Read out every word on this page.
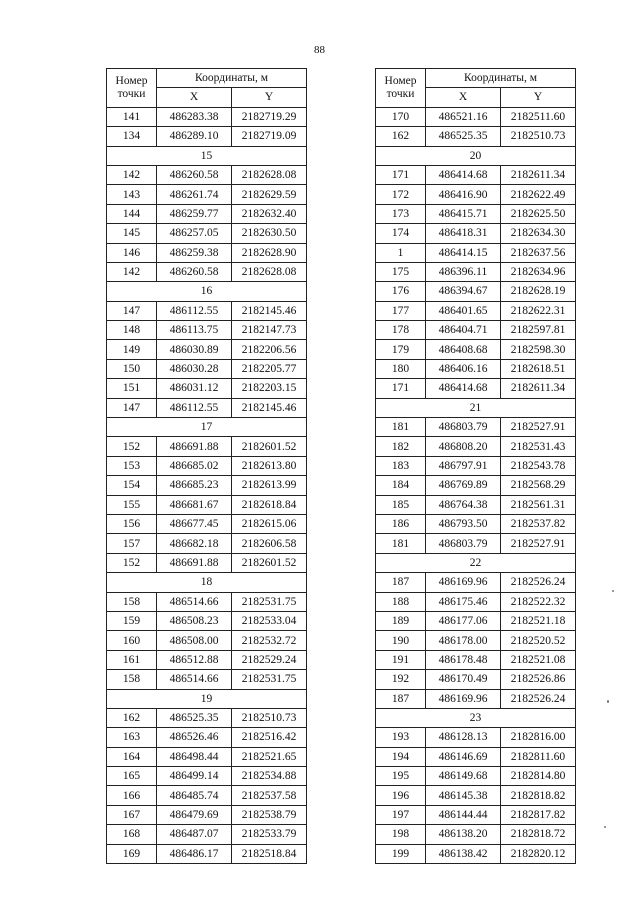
88
Номер
точки	Координаты, м	
	X	Y
141	486283.38	2182719.29
134	486289.10	2182719.09
15		
142	486260.58	2182628.08
143	486261.74	2182629.59
144	486259.77	2182632.40
145	486257.05	2182630.50
146	486259.38	2182628.90
142	486260.58	2182628.08
16		
147	486112.55	2182145.46
148	486113.75	2182147.73
149	486030.89	2182206.56
150	486030.28	2182205.77
151	486031.12	2182203.15
147	486112.55	2182145.46
17		
152	486691.88	2182601.52
153	486685.02	2182613.80
154	486685.23	2182613.99
155	486681.67	2182618.84
156	486677.45	2182615.06
157	486682.18	2182606.58
152	486691.88	2182601.52
18		
158	486514.66	2182531.75
159	486508.23	2182533.04
160	486508.00	2182532.72
161	486512.88	2182529.24
158	486514.66	2182531.75
19		
162	486525.35	2182510.73
163	486526.46	2182516.42
164	486498.44	2182521.65
165	486499.14	2182534.88
166	486485.74	2182537.58
167	486479.69	2182538.79
168	486487.07	2182533.79
169	486486.17	2182518.84
Номер
точки	Координаты, м	
	X	Y
170	486521.16	2182511.60
162	486525.35	2182510.73
20		
171	486414.68	2182611.34
172	486416.90	2182622.49
173	486415.71	2182625.50
174	486418.31	2182634.30
1	486414.15	2182637.56
175	486396.11	2182634.96
176	486394.67	2182628.19
177	486401.65	2182622.31
178	486404.71	2182597.81
179	486408.68	2182598.30
180	486406.16	2182618.51
171	486414.68	2182611.34
21		
181	486803.79	2182527.91
182	486808.20	2182531.43
183	486797.91	2182543.78
184	486769.89	2182568.29
185	486764.38	2182561.31
186	486793.50	2182537.82
181	486803.79	2182527.91
22		
187	486169.96	2182526.24
188	486175.46	2182522.32
189	486177.06	2182521.18
190	486178.00	2182520.52
191	486178.48	2182521.08
192	486170.49	2182526.86
187	486169.96	2182526.24
23		
193	486128.13	2182816.00
194	486146.69	2182811.60
195	486149.68	2182814.80
196	486145.38	2182818.82
197	486144.44	2182817.82
198	486138.20	2182818.72
199	486138.42	2182820.12
